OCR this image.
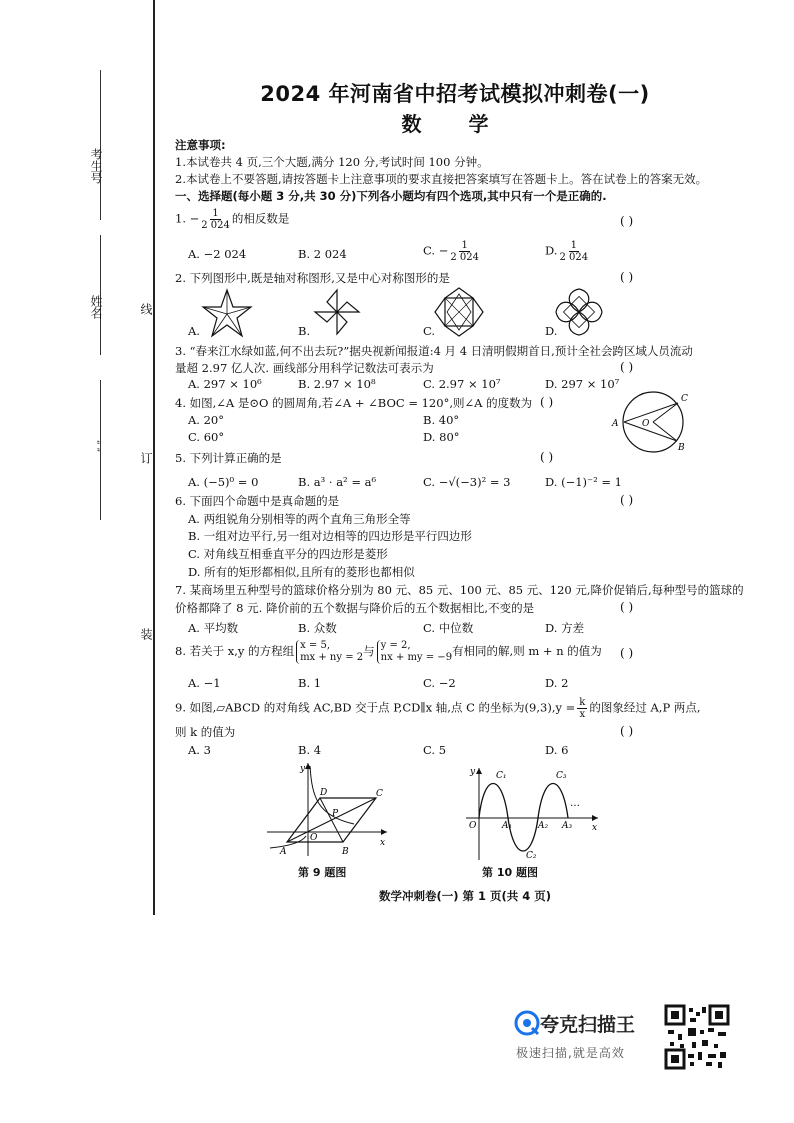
考生号
姓名
“ ”
线
订
装
2024 年河南省中招考试模拟冲刺卷(一)
数 学
注意事项:
1.本试卷共 4 页,三个大题,满分 120 分,考试时间 100 分钟。
2.本试卷上不要答题,请按答题卡上注意事项的要求直接把答案填写在答题卡上。答在试卷上的答案无效。
一、选择题(每小题 3 分,共 30 分)下列各小题均有四个选项,其中只有一个是正确的.
1. − $\frac{1}{2 024}$ 的相反数是	( )
A. −2 024	B. 2 024	C. − $\frac{1}{2 024}$	D. $\frac{1}{2 024}$
2. 下列图形中,既是轴对称图形,又是中心对称图形的是	( )
A.	B.	C.	D.
3. “春来江水绿如蓝,何不出去玩?”据央视新闻报道:4 月 4 日清明假期首日,预计全社会跨区域人员流动
量超 2.97 亿人次. 画线部分用科学记数法可表示为	( )
A. 297 × 10⁶	B. 2.97 × 10⁸	C. 2.97 × 10⁷	D. 297 × 10⁷
4. 如图,∠A 是⊙O 的圆周角,若∠A + ∠BOC = 120°,则∠A 的度数为 ( )
A. 20°	B. 40°
C. 60°	D. 80°
A	O
C
B
5. 下列计算正确的是	( )
A. (−5)⁰ = 0	B. a³ · a² = a⁶	C. −√(−3)² = 3	D. (−1)⁻² = 1
6. 下面四个命题中是真命题的是	( )
A. 两组锐角分别相等的两个直角三角形全等
B. 一组对边平行,另一组对边相等的四边形是平行四边形
C. 对角线互相垂直平分的四边形是菱形
D. 所有的矩形都相似,且所有的菱形也都相似
7. 某商场里五种型号的篮球价格分别为 80 元、85 元、100 元、85 元、120 元,降价促销后,每种型号的篮球的
价格都降了 8 元. 降价前的五个数据与降价后的五个数据相比,不变的是	( )
A. 平均数	B. 众数	C. 中位数	D. 方差
8. 若关于 x,y 的方程组 x = 5,
mx + ny = 2与 y = 2,
nx + my = −9有相同的解,则 m + n 的值为 ( )
A. −1	B. 1	C. −2	D. 2
9. 如图,▱ABCD 的对角线 AC,BD 交于点 P,CD∥x 轴,点 C 的坐标为$(9,3),y = \frac{k}{x}$ 的图象经过 A,P 两点,
则 k 的值为	( )
A. 3	B. 4	C. 5	D. 6
y
x
O
A	B
C
D
P
第 9 题图
y
x
O
C₁
C₂
C₃
A₁	A₂ A₃
…
第 10 题图
数学冲刺卷(一) 第 1 页(共 4 页)
夸克扫描王
极速扫描,就是高效
